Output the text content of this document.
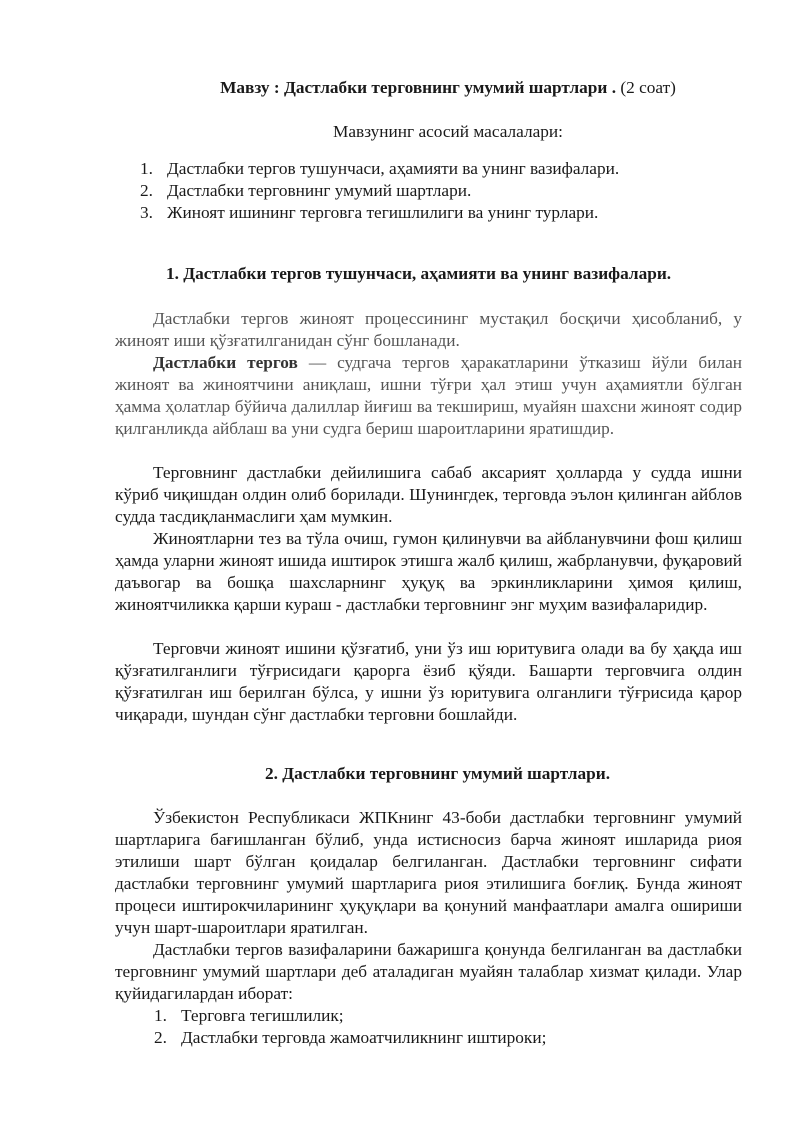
Мавзу : Дастлабки терговнинг умумий шартлари . (2 соат)
Мавзунинг асосий масалалари:
1. Дастлабки тергов тушунчаси, аҳамияти ва унинг вазифалари.
2. Дастлабки терговнинг умумий шартлари.
3. Жиноят ишининг терговга тегишлилиги ва унинг турлари.
1. Дастлабки тергов тушунчаси, аҳамияти ва унинг вазифалари.

Дастлабки тергов жиноят процессининг мустақил босқичи ҳисобланиб, у жиноят иши қўзғатилганидан сўнг бошланади.

Дастлабки тергов — судгача тергов ҳаракатларини ўтказиш йўли билан жиноят ва жиноятчини аниқлаш, ишни тўғри ҳал этиш учун аҳамиятли бўлган ҳамма ҳолатлар бўйича далиллар йиғиш ва текшириш, муайян шахсни жиноят содир қилганликда айблаш ва уни судга бериш шароитларини яратишдир.

Терговнинг дастлабки дейилишига сабаб аксарият ҳолларда у судда ишни кўриб чиқишдан олдин олиб борилади. Шунингдек, терговда эълон қилинган айблов судда тасдиқланмаслиги ҳам мумкин.

Жиноятларни тез ва тўла очиш, гумон қилинувчи ва айбланувчини фош қилиш ҳамда уларни жиноят ишида иштирок этишга жалб қилиш, жабрланувчи, фуқаровий даъвогар ва бошқа шахсларнинг ҳуқуқ ва эркинликларини ҳимоя қилиш, жиноятчиликка қарши кураш - дастлабки терговнинг энг муҳим вазифаларидир.

Терговчи жиноят ишини қўзғатиб, уни ўз иш юритувига олади ва бу ҳақда иш қўзғатилганлиги тўғрисидаги қарорга ёзиб қўяди. Башарти терговчига олдин қўзғатилган иш берилган бўлса, у ишни ўз юритувига олганлиги тўғрисида қарор чиқаради, шундан сўнг дастлабки терговни бошлайди.

2. Дастлабки терговнинг умумий шартлари.

Ўзбекистон Республикаси ЖПКнинг 43-боби дастлабки терговнинг умумий шартларига бағишланган бўлиб, унда истисносиз барча жиноят ишларида риоя этилиши шарт бўлган қоидалар белгиланган. Дастлабки терговнинг сифати дастлабки терговнинг умумий шартларига риоя этилишига боғлиқ. Бунда жиноят процеси иштирокчиларининг ҳуқуқлари ва қонуний манфаатлари амалга ошириши учун шарт-шароитлари яратилган.

Дастлабки тергов вазифаларини бажаришга қонунда белгиланган ва дастлабки терговнинг умумий шартлари деб аталадиган муайян талаблар хизмат қилади. Улар қуйидагилардан иборат:

1. Терговга тегишлилик;
2. Дастлабки терговда жамоатчиликнинг иштироки;
